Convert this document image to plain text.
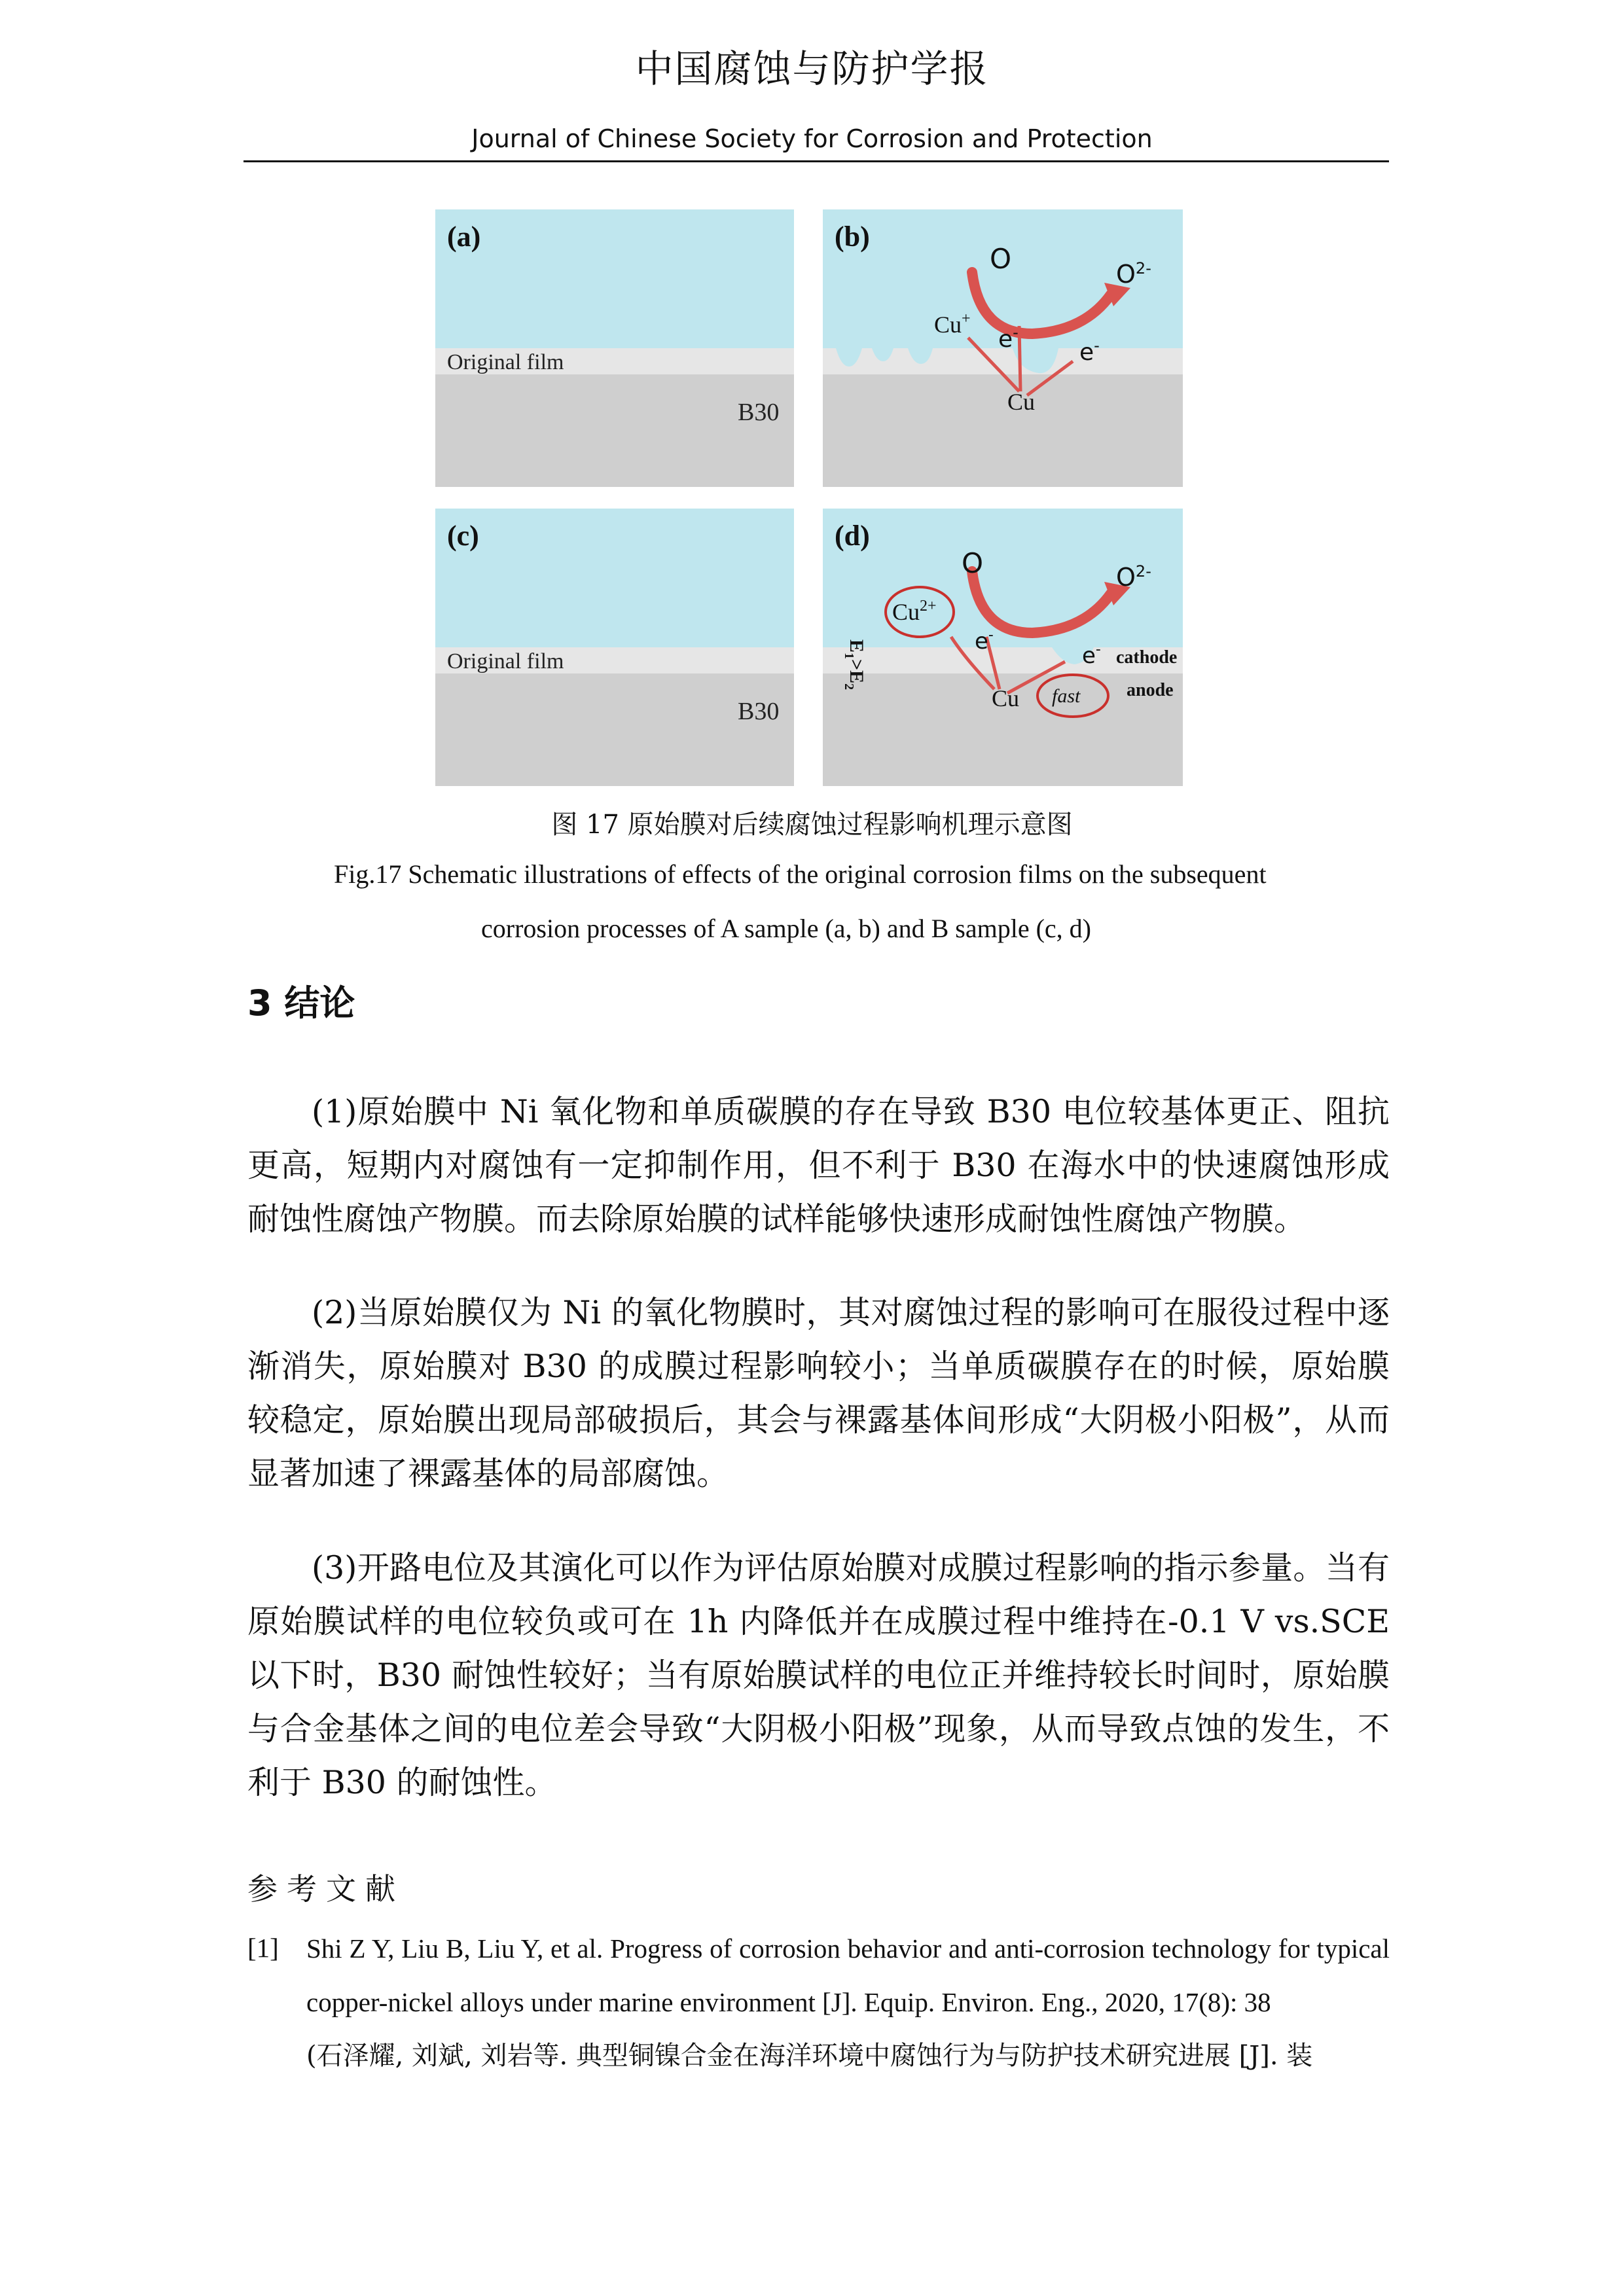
中国腐蚀与防护学报
Journal of Chinese Society for Corrosion and Protection
(a)
Original film
B30
(b)
O	$O^{2-}$
Cu+
e-
e-
Cu
(c)
Original film
B30
(d)
$E_1>E_2$
O	$O^{2-}$
$Cu^{2+}$
e-
e- cathode
anode
Cu fast
图 17 原始膜对后续腐蚀过程影响机理示意图
Fig.17 Schematic illustrations of effects of the original corrosion films on the subsequent
corrosion processes of A sample (a, b) and B sample (c, d)
3 结论
(1)原始膜中 Ni 氧化物和单质碳膜的存在导致 B30 电位较基体更正、阻抗更高，短期内对腐蚀有一定抑制作用，但不利于 B30 在海水中的快速腐蚀形成耐蚀性腐蚀产物膜。而去除原始膜的试样能够快速形成耐蚀性腐蚀产物膜。
(2)当原始膜仅为 Ni 的氧化物膜时，其对腐蚀过程的影响可在服役过程中逐渐消失，原始膜对 B30 的成膜过程影响较小；当单质碳膜存在的时候，原始膜较稳定，原始膜出现局部破损后，其会与裸露基体间形成“大阴极小阳极”，从而显著加速了裸露基体的局部腐蚀。
(3)开路电位及其演化可以作为评估原始膜对成膜过程影响的指示参量。当有原始膜试样的电位较负或可在 1h 内降低并在成膜过程中维持在-0.1 V vs.SCE 以下时，B30 耐蚀性较好；当有原始膜试样的电位正并维持较长时间时，原始膜与合金基体之间的电位差会导致“大阴极小阳极”现象，从而导致点蚀的发生，不利于 B30 的耐蚀性。
参考文献
[1] Shi Z Y, Liu B, Liu Y, et al. Progress of corrosion behavior and anti-corrosion technology for typical copper-nickel alloys under marine environment [J]. Equip. Environ. Eng., 2020, 17(8): 38
(石泽耀, 刘斌, 刘岩等. 典型铜镍合金在海洋环境中腐蚀行为与防护技术研究进展 [J]. 装
